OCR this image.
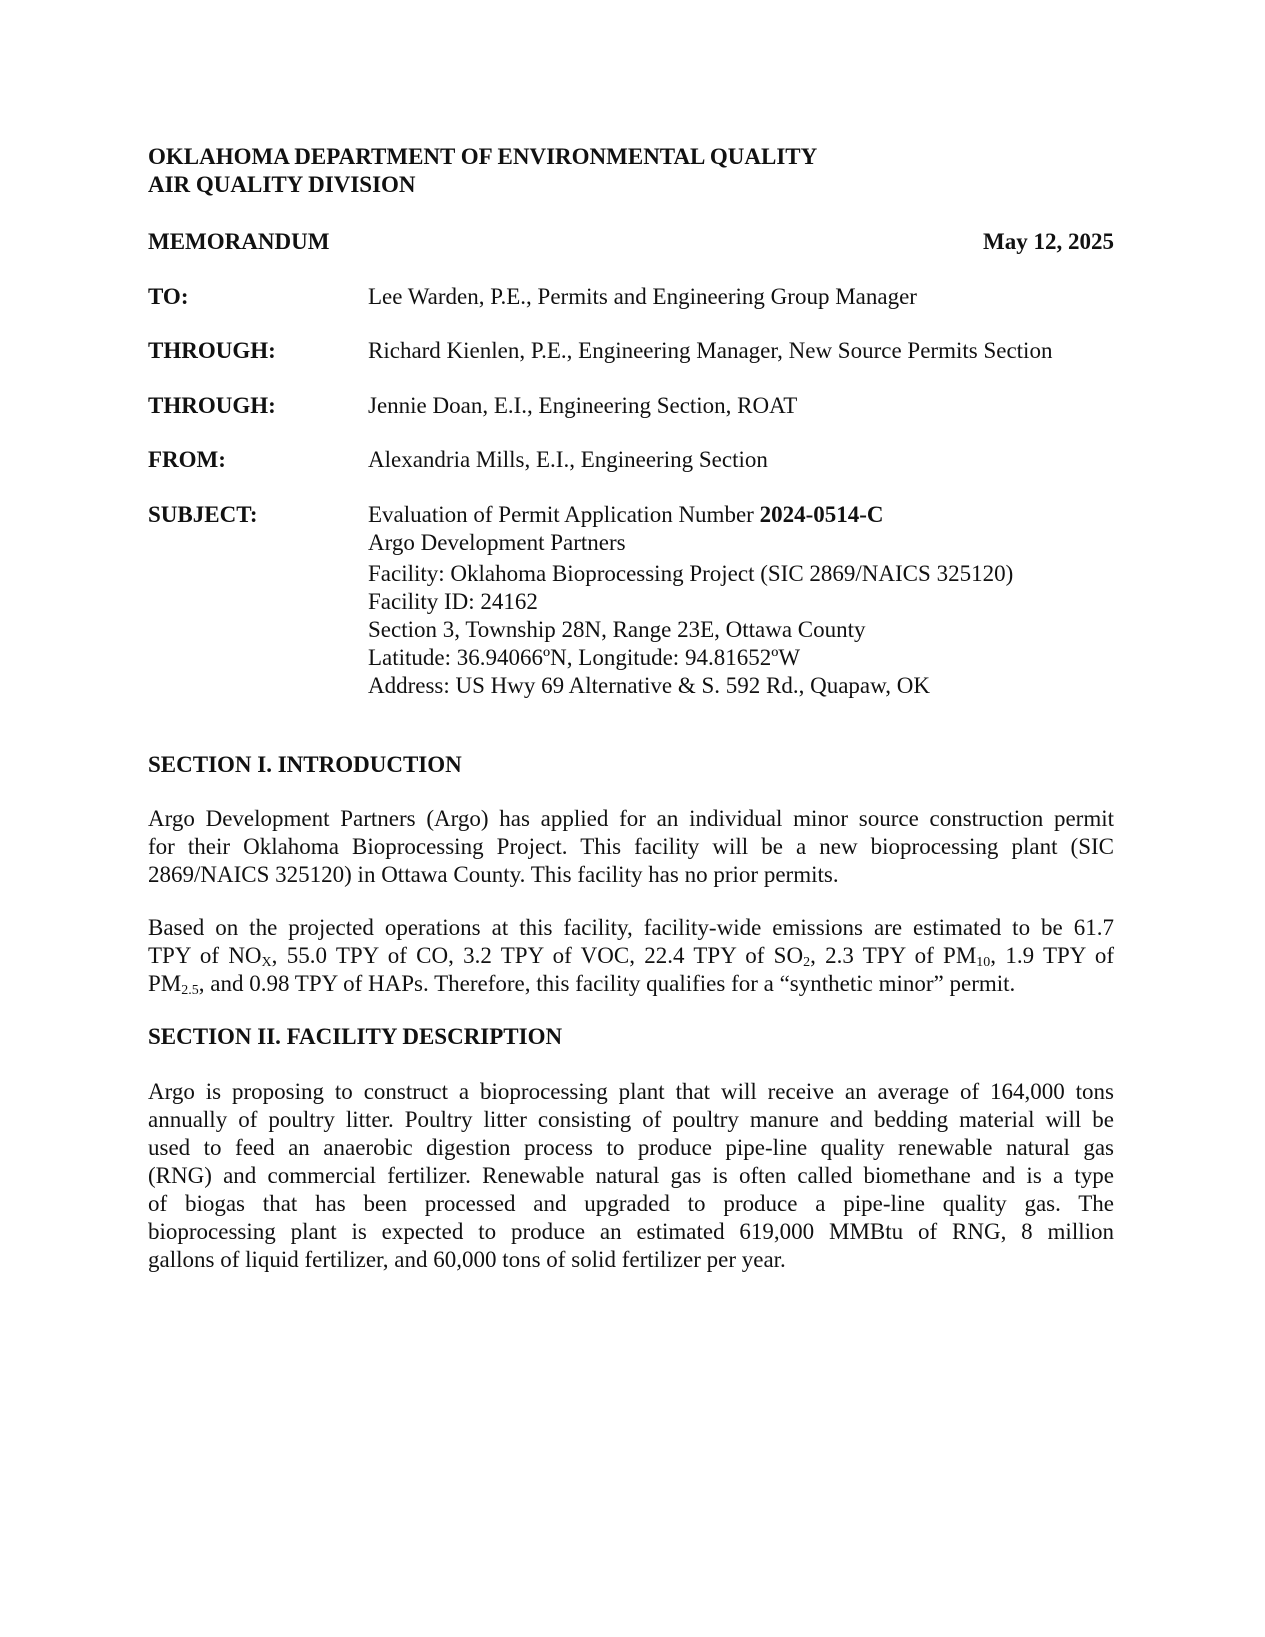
OKLAHOMA DEPARTMENT OF ENVIRONMENTAL QUALITY
AIR QUALITY DIVISION
MEMORANDUM	May 12, 2025
TO:	Lee Warden, P.E., Permits and Engineering Group Manager
THROUGH:	Richard Kienlen, P.E., Engineering Manager, New Source Permits Section
THROUGH:	Jennie Doan, E.I., Engineering Section, ROAT
FROM:	Alexandria Mills, E.I., Engineering Section
SUBJECT:	Evaluation of Permit Application Number 2024-0514-C
Argo Development Partners
Facility: Oklahoma Bioprocessing Project (SIC 2869/NAICS 325120)
Facility ID: 24162
Section 3, Township 28N, Range 23E, Ottawa County
Latitude: 36.94066ºN, Longitude: 94.81652ºW
Address: US Hwy 69 Alternative & S. 592 Rd., Quapaw, OK
SECTION I. INTRODUCTION
Argo Development Partners (Argo) has applied for an individual minor source construction permit
for their Oklahoma Bioprocessing Project. This facility will be a new bioprocessing plant (SIC
2869/NAICS 325120) in Ottawa County. This facility has no prior permits.
Based on the projected operations at this facility, facility-wide emissions are estimated to be 61.7
TPY of $NO_X$, 55.0 TPY of CO, 3.2 TPY of VOC, 22.4 TPY of $SO_2$, 2.3 TPY of $PM_{10}$, 1.9 TPY of
$PM_{2.5}$, and 0.98 TPY of HAPs. Therefore, this facility qualifies for a “synthetic minor” permit.
SECTION II. FACILITY DESCRIPTION
Argo is proposing to construct a bioprocessing plant that will receive an average of 164,000 tons
annually of poultry litter. Poultry litter consisting of poultry manure and bedding material will be
used to feed an anaerobic digestion process to produce pipe-line quality renewable natural gas
(RNG) and commercial fertilizer. Renewable natural gas is often called biomethane and is a type
of biogas that has been processed and upgraded to produce a pipe-line quality gas. The
bioprocessing plant is expected to produce an estimated 619,000 MMBtu of RNG, 8 million
gallons of liquid fertilizer, and 60,000 tons of solid fertilizer per year.
